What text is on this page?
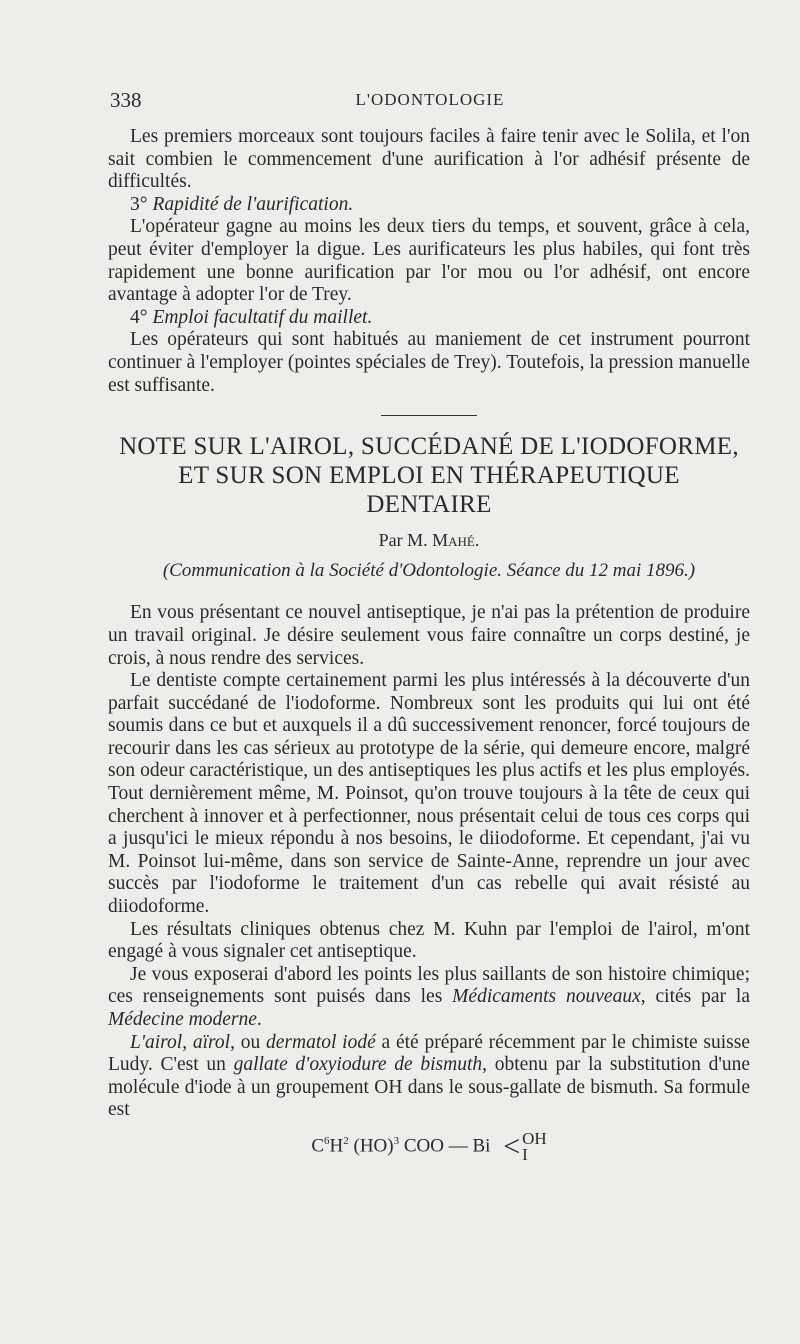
338	L'ODONTOLOGIE

Les premiers morceaux sont toujours faciles à faire tenir avec le Solila, et l'on sait combien le commencement d'une aurification à l'or adhésif présente de difficultés.

3° Rapidité de l'aurification.

L'opérateur gagne au moins les deux tiers du temps, et souvent, grâce à cela, peut éviter d'employer la digue. Les aurificateurs les plus habiles, qui font très rapidement une bonne aurification par l'or mou ou l'or adhésif, ont encore avantage à adopter l'or de Trey.

4° Emploi facultatif du maillet.

Les opérateurs qui sont habitués au maniement de cet instrument pourront continuer à l'employer (pointes spéciales de Trey). Toutefois, la pression manuelle est suffisante.

NOTE SUR L'AIROL, SUCCÉDANÉ DE L'IODOFORME,
ET SUR SON EMPLOI EN THÉRAPEUTIQUE
DENTAIRE
Par M. Mahé.
(Communication à la Société d'Odontologie. Séance du 12 mai 1896.)

En vous présentant ce nouvel antiseptique, je n'ai pas la prétention de produire un travail original. Je désire seulement vous faire connaître un corps destiné, je crois, à nous rendre des services.

Le dentiste compte certainement parmi les plus intéressés à la découverte d'un parfait succédané de l'iodoforme. Nombreux sont les produits qui lui ont été soumis dans ce but et auxquels il a dû successivement renoncer, forcé toujours de recourir dans les cas sérieux au prototype de la série, qui demeure encore, malgré son odeur caractéristique, un des antiseptiques les plus actifs et les plus employés. Tout dernièrement même, M. Poinsot, qu'on trouve toujours à la tête de ceux qui cherchent à innover et à perfectionner, nous présentait celui de tous ces corps qui a jusqu'ici le mieux répondu à nos besoins, le diiodoforme. Et cependant, j'ai vu M. Poinsot lui-même, dans son service de Sainte-Anne, reprendre un jour avec succès par l'iodoforme le traitement d'un cas rebelle qui avait résisté au diiodoforme.

Les résultats cliniques obtenus chez M. Kuhn par l'emploi de l'airol, m'ont engagé à vous signaler cet antiseptique.

Je vous exposerai d'abord les points les plus saillants de son histoire chimique; ces renseignements sont puisés dans les Médicaments nouveaux, cités par la Médecine moderne.

L'airol, aïrol, ou dermatol iodé a été préparé récemment par le chimiste suisse Ludy. C'est un gallate d'oxyiodure de bismuth, obtenu par la substitution d'une molécule d'iode à un groupement OH dans le sous-gallate de bismuth. Sa formule est

$C^6H^2$ (HO)$^3$ COO — Bi < OH
I
